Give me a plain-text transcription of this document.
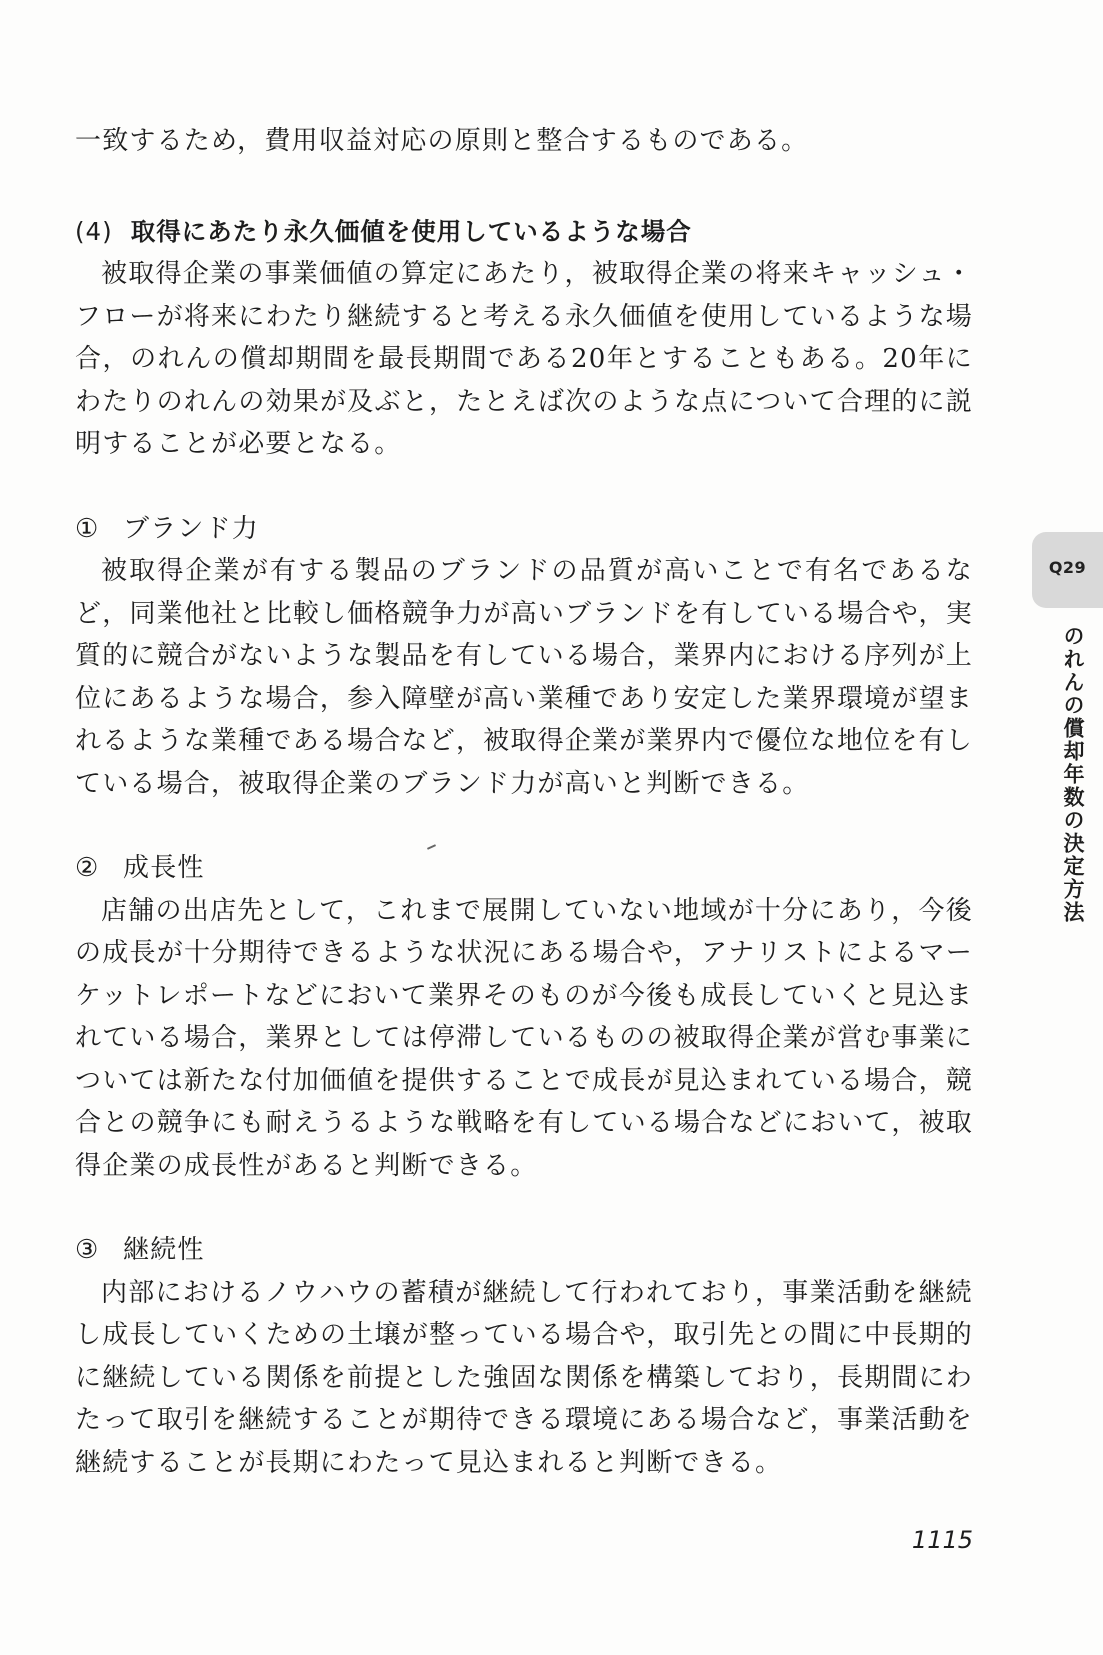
一致するため，費用収益対応の原則と整合するものである。

(4) 取得にあたり永久価値を使用しているような場合

被取得企業の事業価値の算定にあたり，被取得企業の将来キャッシュ・フローが将来にわたり継続すると考える永久価値を使用しているような場合，のれんの償却期間を最長期間である20年とすることもある。20年にわたりのれんの効果が及ぶと，たとえば次のような点について合理的に説明することが必要となる。

① ブランド力

被取得企業が有する製品のブランドの品質が高いことで有名であるなど，同業他社と比較し価格競争力が高いブランドを有している場合や，実質的に競合がないような製品を有している場合，業界内における序列が上位にあるような場合，参入障壁が高い業種であり安定した業界環境が望まれるような業種である場合など，被取得企業が業界内で優位な地位を有している場合，被取得企業のブランド力が高いと判断できる。

② 成長性

店舗の出店先として，これまで展開していない地域が十分にあり，今後の成長が十分期待できるような状況にある場合や，アナリストによるマーケットレポートなどにおいて業界そのものが今後も成長していくと見込まれている場合，業界としては停滞しているものの被取得企業が営む事業については新たな付加価値を提供することで成長が見込まれている場合，競合との競争にも耐えうるような戦略を有している場合などにおいて，被取得企業の成長性があると判断できる。

③ 継続性

内部におけるノウハウの蓄積が継続して行われており，事業活動を継続し成長していくための土壌が整っている場合や，取引先との間に中長期的に継続している関係を前提とした強固な関係を構築しており，長期間にわたって取引を継続することが期待できる環境にある場合など，事業活動を継続することが長期にわたって見込まれると判断できる。

Q29
のれんの償却年数の決定方法
1115
